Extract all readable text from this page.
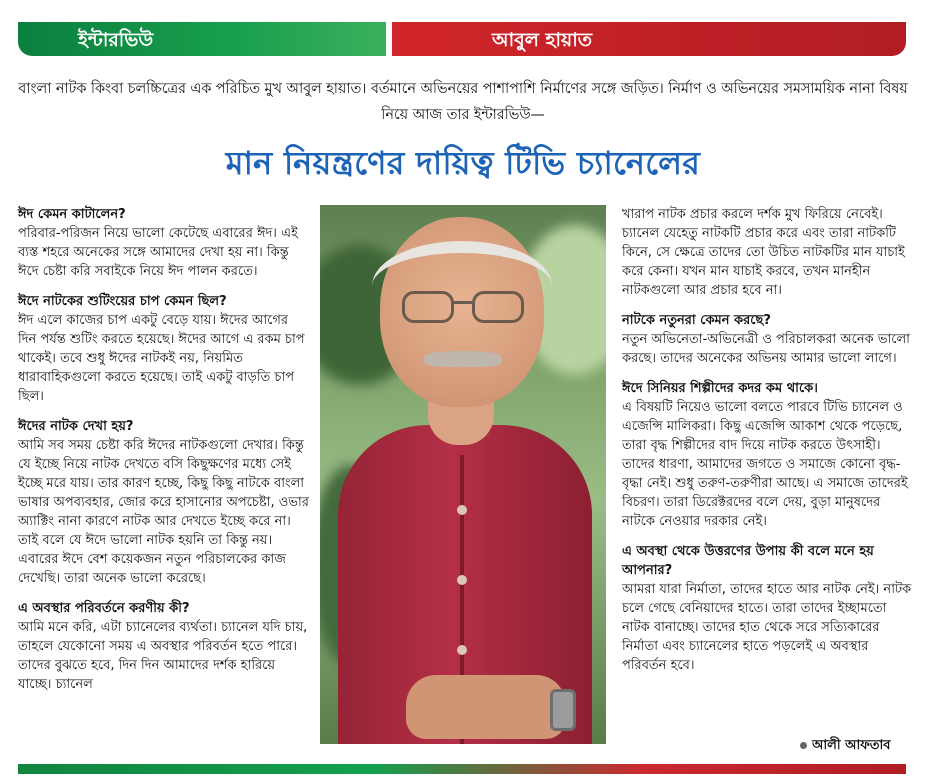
ইন্টারভিউ	আবুল হায়াত

বাংলা নাটক কিংবা চলচ্চিত্রের এক পরিচিত মুখ আবুল হায়াত। বর্তমানে অভিনয়ের পাশাপাশি নির্মাণের সঙ্গে জড়িত। নির্মাণ ও অভিনয়ের সমসাময়িক নানা বিষয় নিয়ে আজ তার ইন্টারভিউ—

মান নিয়ন্ত্রণের দায়িত্ব টিভি চ্যানেলের
ঈদ কেমন কাটালেন?
পরিবার-পরিজন নিয়ে ভালো কেটেছে এবারের ঈদ। এই ব্যস্ত শহরে অনেকের সঙ্গে আমাদের দেখা হয় না। কিন্তু ঈদে চেষ্টা করি সবাইকে নিয়ে ঈদ পালন করতে।
ঈদে নাটকের শুটিংয়ের চাপ কেমন ছিল?
ঈদ এলে কাজের চাপ একটু বেড়ে যায়। ঈদের আগের দিন পর্যন্ত শুটিং করতে হয়েছে। ঈদের আগে এ রকম চাপ থাকেই। তবে শুধু ঈদের নাটকই নয়, নিয়মিত ধারাবাহিকগুলো করতে হয়েছে। তাই একটু বাড়তি চাপ ছিল।
ঈদের নাটক দেখা হয়?
আমি সব সময় চেষ্টা করি ঈদের নাটকগুলো দেখার। কিন্তু যে ইচ্ছে নিয়ে নাটক দেখতে বসি কিছুক্ষণের মধ্যে সেই ইচ্ছে মরে যায়। তার কারণ হচ্ছে, কিছু কিছু নাটকে বাংলা ভাষার অপব্যবহার, জোর করে হাসানোর অপচেষ্টা, ওভার অ্যাক্টিং নানা কারণে নাটক আর দেখতে ইচ্ছে করে না। তাই বলে যে ঈদে ভালো নাটক হয়নি তা কিন্তু নয়। এবারের ঈদে বেশ কয়েকজন নতুন পরিচালকের কাজ দেখেছি। তারা অনেক ভালো করেছে।
এ অবস্থার পরিবর্তনে করণীয় কী?
আমি মনে করি, এটা চ্যানেলের ব্যর্থতা। চ্যানেল যদি চায়, তাহলে যেকোনো সময় এ অবস্থার পরিবর্তন হতে পারে। তাদের বুঝতে হবে, দিন দিন আমাদের দর্শক হারিয়ে যাচ্ছে। চ্যানেল
খারাপ নাটক প্রচার করলে দর্শক মুখ ফিরিয়ে নেবেই। চ্যানেল যেহেতু নাটকটি প্রচার করে এবং তারা নাটকটি কিনে, সে ক্ষেত্রে তাদের তো উচিত নাটকটির মান যাচাই করে কেনা। যখন মান যাচাই করবে, তখন মানহীন নাটকগুলো আর প্রচার হবে না।
নাটকে নতুনরা কেমন করছে?
নতুন অভিনেতা-অভিনেত্রী ও পরিচালকরা অনেক ভালো করছে। তাদের অনেকের অভিনয় আমার ভালো লাগে।
ঈদে সিনিয়র শিল্পীদের কদর কম থাকে।
এ বিষয়টি নিয়েও ভালো বলতে পারবে টিভি চ্যানেল ও এজেন্সি মালিকরা। কিছু এজেন্সি আকাশ থেকে পড়েছে, তারা বৃদ্ধ শিল্পীদের বাদ দিয়ে নাটক করতে উৎসাহী। তাদের ধারণা, আমাদের জগতে ও সমাজে কোনো বৃদ্ধ-বৃদ্ধা নেই। শুধু তরুণ-তরুণীরা আছে। এ সমাজে তাদেরই বিচরণ। তারা ডিরেক্টরদের বলে দেয়, বুড়া মানুষদের নাটকে নেওয়ার দরকার নেই।
এ অবস্থা থেকে উত্তরণের উপায় কী বলে মনে হয় আপনার?
আমরা যারা নির্মাতা, তাদের হাতে আর নাটক নেই। নাটক চলে গেছে বেনিয়াদের হাতে। তারা তাদের ইচ্ছামতো নাটক বানাচ্ছে। তাদের হাত থেকে সরে সত্যিকারের নির্মাতা এবং চ্যানেলের হাতে পড়লেই এ অবস্থার পরিবর্তন হবে।
আলী আফতাব
